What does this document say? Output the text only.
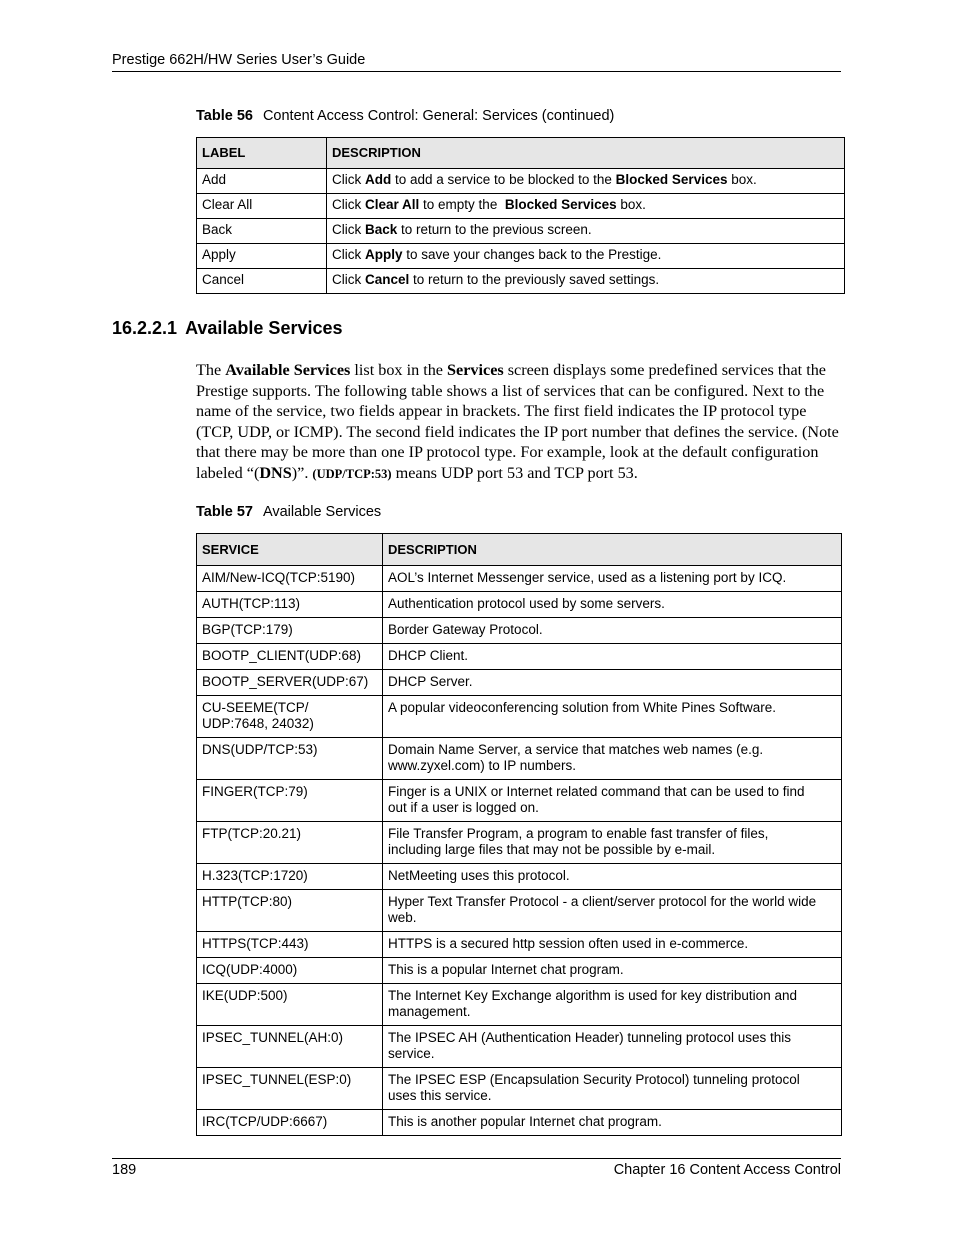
Prestige 662H/HW Series User’s Guide
Table 56 Content Access Control: General: Services (continued)
LABEL	DESCRIPTION
Add	Click Add to add a service to be blocked to the Blocked Services box.
Clear All	Click Clear All to empty the  Blocked Services box.
Back	Click Back to return to the previous screen.
Apply	Click Apply to save your changes back to the Prestige.
Cancel	Click Cancel to return to the previously saved settings.
16.2.2.1 Available Services
The Available Services list box in the Services screen displays some predefined services that the Prestige supports. The following table shows a list of services that can be configured. Next to the name of the service, two fields appear in brackets. The first field indicates the IP protocol type (TCP, UDP, or ICMP). The second field indicates the IP port number that defines the service. (Note that there may be more than one IP protocol type. For example, look at the default configuration labeled “(DNS)”. (UDP/TCP:53) means UDP port 53 and TCP port 53.
Table 57 Available Services
SERVICE	DESCRIPTION
AIM/New-ICQ(TCP:5190)	AOL’s Internet Messenger service, used as a listening port by ICQ.
AUTH(TCP:113)	Authentication protocol used by some servers.
BGP(TCP:179)	Border Gateway Protocol.
BOOTP_CLIENT(UDP:68)	DHCP Client.
BOOTP_SERVER(UDP:67)	DHCP Server.
CU-SEEME(TCP/
UDP:7648, 24032)	A popular videoconferencing solution from White Pines Software.
DNS(UDP/TCP:53)	Domain Name Server, a service that matches web names (e.g.
www.zyxel.com) to IP numbers.
FINGER(TCP:79)	Finger is a UNIX or Internet related command that can be used to find
out if a user is logged on.
FTP(TCP:20.21)	File Transfer Program, a program to enable fast transfer of files,
including large files that may not be possible by e-mail.
H.323(TCP:1720)	NetMeeting uses this protocol.
HTTP(TCP:80)	Hyper Text Transfer Protocol - a client/server protocol for the world wide
web.
HTTPS(TCP:443)	HTTPS is a secured http session often used in e-commerce.
ICQ(UDP:4000)	This is a popular Internet chat program.
IKE(UDP:500)	The Internet Key Exchange algorithm is used for key distribution and
management.
IPSEC_TUNNEL(AH:0)	The IPSEC AH (Authentication Header) tunneling protocol uses this
service.
IPSEC_TUNNEL(ESP:0)	The IPSEC ESP (Encapsulation Security Protocol) tunneling protocol
uses this service.
IRC(TCP/UDP:6667)	This is another popular Internet chat program.
189	Chapter 16 Content Access Control
